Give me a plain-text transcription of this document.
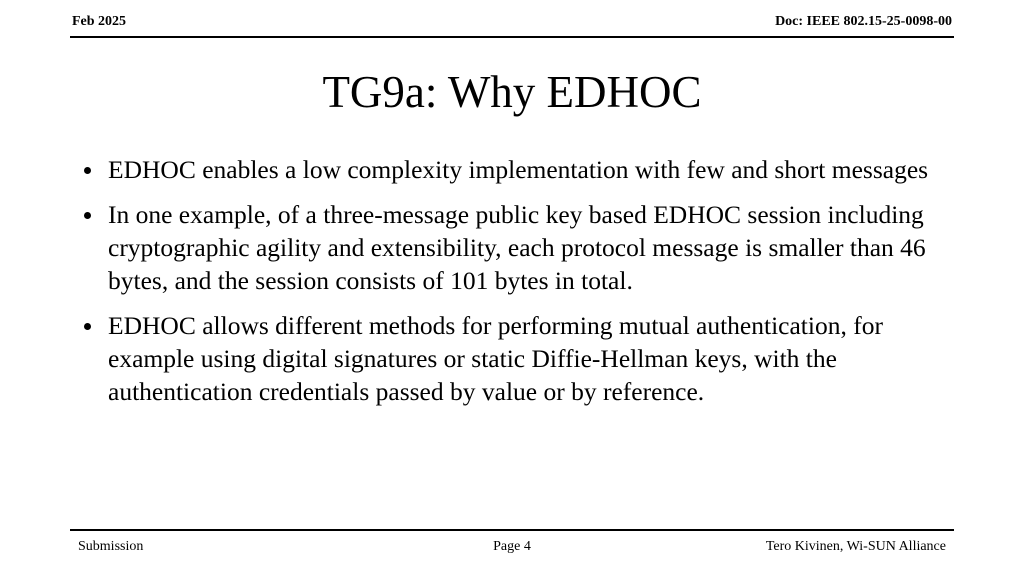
Feb 2025	Doc: IEEE 802.15-25-0098-00
TG9a: Why EDHOC
EDHOC enables a low complexity implementation with few and short messages
In one example, of a three-message public key based EDHOC session including cryptographic agility and extensibility, each protocol message is smaller than 46 bytes, and the session consists of 101 bytes in total.
EDHOC allows different methods for performing mutual authentication, for example using digital signatures or static Diffie-Hellman keys, with the authentication credentials passed by value or by reference.
Submission	Page 4	Tero Kivinen, Wi-SUN Alliance
